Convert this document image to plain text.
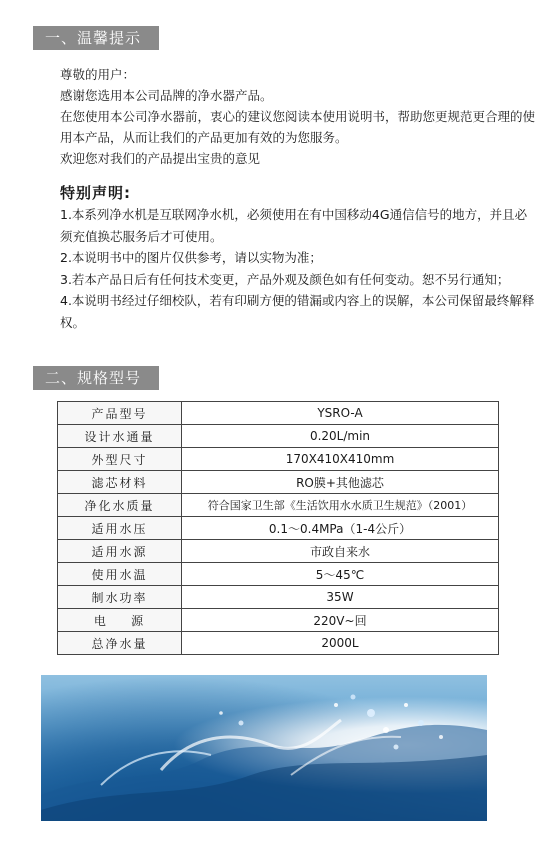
一、温馨提示

尊敬的用户：

感谢您选用本公司品牌的净水器产品。

在您使用本公司净水器前，衷心的建议您阅读本使用说明书，帮助您更规范更合理的使用本产品，从而让我们的产品更加有效的为您服务。

欢迎您对我们的产品提出宝贵的意见

特别声明:

1.本系列净水机是互联网净水机，必须使用在有中国移动4G通信信号的地方，并且必须充值换芯服务后才可使用。

2.本说明书中的图片仅供参考，请以实物为准；

3.若本产品日后有任何技术变更，产品外观及颜色如有任何变动。恕不另行通知；

4.本说明书经过仔细校队，若有印刷方便的错漏或内容上的误解，本公司保留最终解释权。

二、规格型号
产品型号	YSRO-A
设计水通量	0.20L/min
外型尺寸	170X410X410mm
滤芯材料	RO膜+其他滤芯
净化水质量	符合国家卫生部《生活饮用水水质卫生规范》（2001）
适用水压	0.1～0.4MPa（1-4公斤）
适用水源	市政自来水
使用水温	5～45℃
制水功率	35W
电    源	220V~回
总净水量	2000L
